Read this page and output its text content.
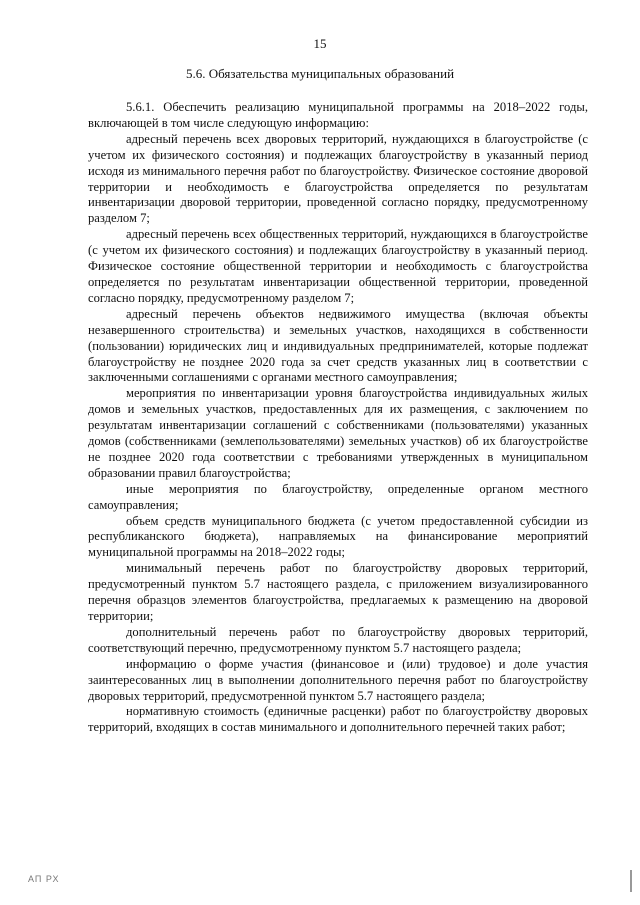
15
5.6. Обязательства муниципальных образований

5.6.1. Обеспечить реализацию муниципальной программы на 2018–2022 годы, включающей в том числе следующую информацию:

адресный перечень всех дворовых территорий, нуждающихся в благоустройстве (с учетом их физического состояния) и подлежащих благоустройству в указанный период исходя из минимального перечня работ по благоустройству. Физическое состояние дворовой территории и необходимость е благоустройства определяется по результатам инвентаризации дворовой территории, проведенной согласно порядку, предусмотренному разделом 7;

адресный перечень всех общественных территорий, нуждающихся в благоустройстве (с учетом их физического состояния) и подлежащих благоустройству в указанный период. Физическое состояние общественной территории и необходимость с благоустройства определяется по результатам инвентаризации общественной территории, проведенной согласно порядку, предусмотренному разделом 7;

адресный перечень объектов недвижимого имущества (включая объекты незавершенного строительства) и земельных участков, находящихся в собственности (пользовании) юридических лиц и индивидуальных предпринимателей, которые подлежат благоустройству не позднее 2020 года за счет средств указанных лиц в соответствии с заключенными соглашениями с органами местного самоуправления;

мероприятия по инвентаризации уровня благоустройства индивидуальных жилых домов и земельных участков, предоставленных для их размещения, с заключением по результатам инвентаризации соглашений с собственниками (пользователями) указанных домов (собственниками (землепользователями) земельных участков) об их благоустройстве не позднее 2020 года соответствии с требованиями утвержденных в муниципальном образовании правил благоустройства;

иные мероприятия по благоустройству, определенные органом местного самоуправления;

объем средств муниципального бюджета (с учетом предоставленной субсидии из республиканского бюджета), направляемых на финансирование мероприятий муниципальной программы на 2018–2022 годы;

минимальный перечень работ по благоустройству дворовых территорий, предусмотренный пунктом 5.7 настоящего раздела, с приложением визуализированного перечня образцов элементов благоустройства, предлагаемых к размещению на дворовой территории;

дополнительный перечень работ по благоустройству дворовых территорий, соответствующий перечню, предусмотренному пунктом 5.7 настоящего раздела;

информацию о форме участия (финансовое и (или) трудовое) и доле участия заинтересованных лиц в выполнении дополнительного перечня работ по благоустройству дворовых территорий, предусмотренной пунктом 5.7 настоящего раздела;

нормативную стоимость (единичные расценки) работ по благоустройству дворовых территорий, входящих в состав минимального и дополнительного перечней таких работ;

АП РХ
